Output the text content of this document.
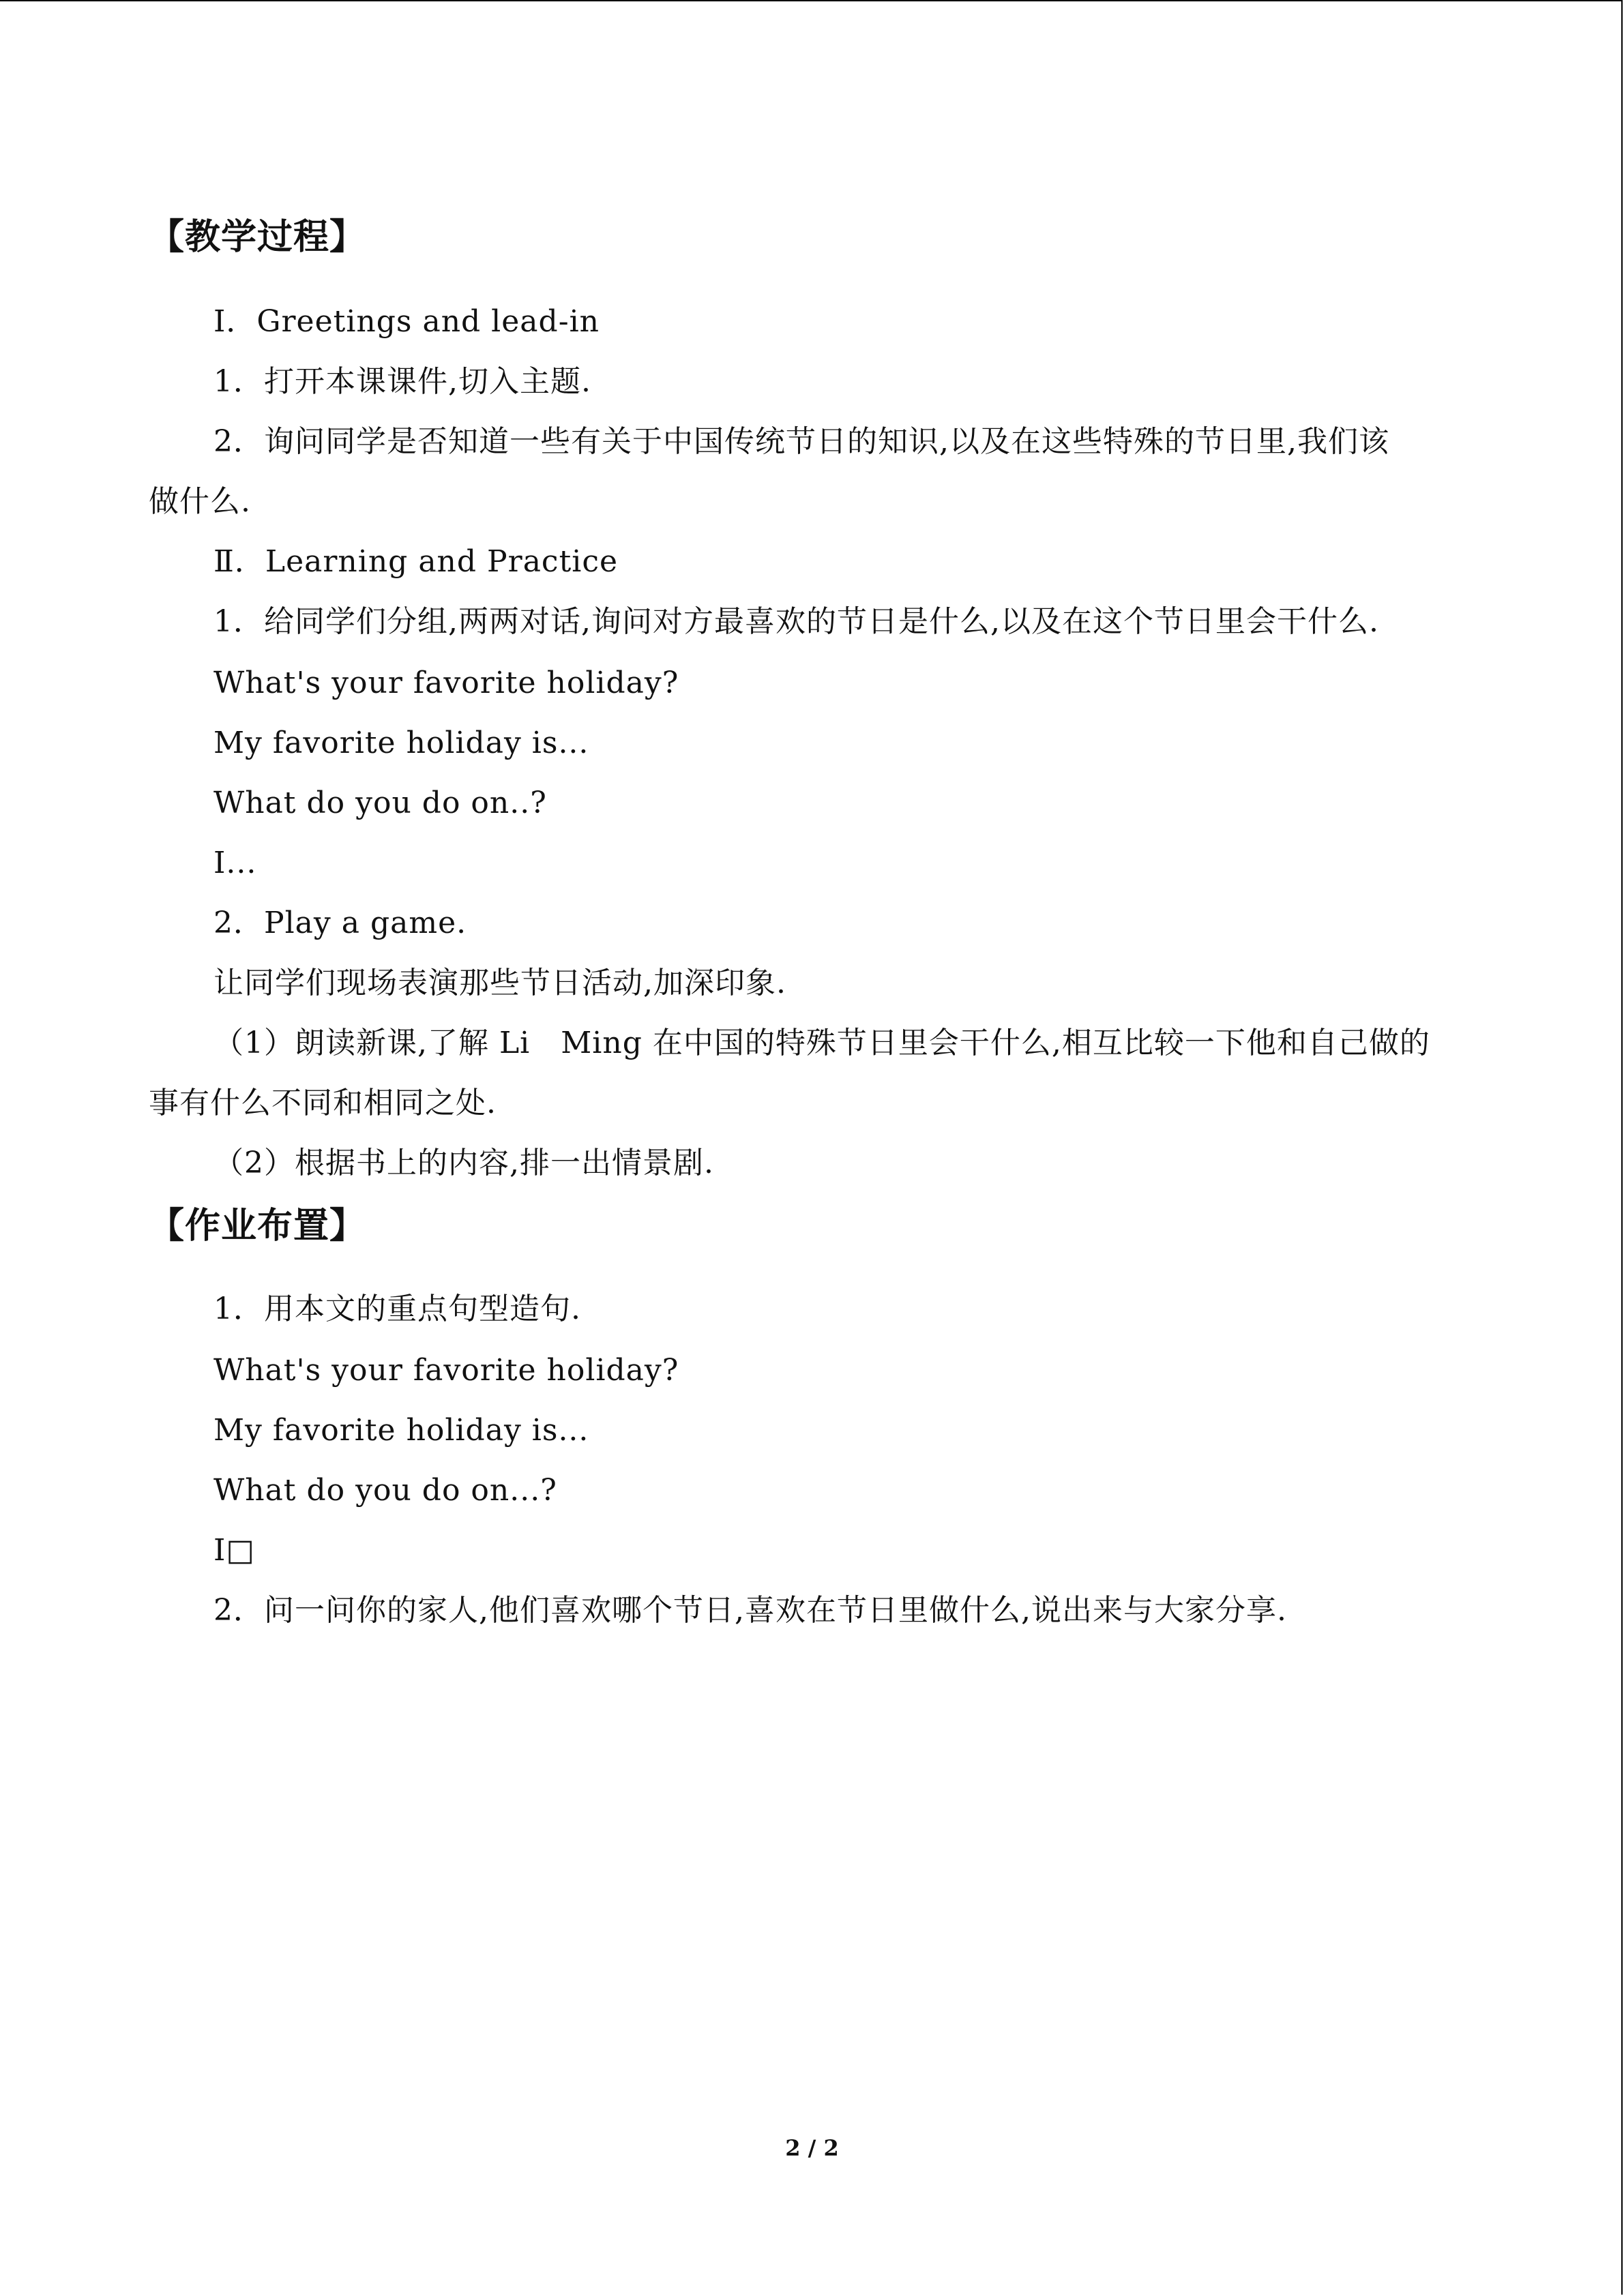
【教学过程】
Ⅰ．Greetings and lead-in
1．打开本课课件,切入主题.
2．询问同学是否知道一些有关于中国传统节日的知识,以及在这些特殊的节日里,我们该
做什么.
Ⅱ．Learning and Practice
1．给同学们分组,两两对话,询问对方最喜欢的节日是什么,以及在这个节日里会干什么.
What's your favorite holiday?
My favorite holiday is...
What do you do on..?
I...
2．Play a game.
让同学们现场表演那些节日活动,加深印象.
（1）朗读新课,了解 Li　Ming 在中国的特殊节日里会干什么,相互比较一下他和自己做的
事有什么不同和相同之处.
（2）根据书上的内容,排一出情景剧.
【作业布置】
1．用本文的重点句型造句.
What's your favorite holiday?
My favorite holiday is...
What do you do on...?
I□
2．问一问你的家人,他们喜欢哪个节日,喜欢在节日里做什么,说出来与大家分享.
2 / 2
